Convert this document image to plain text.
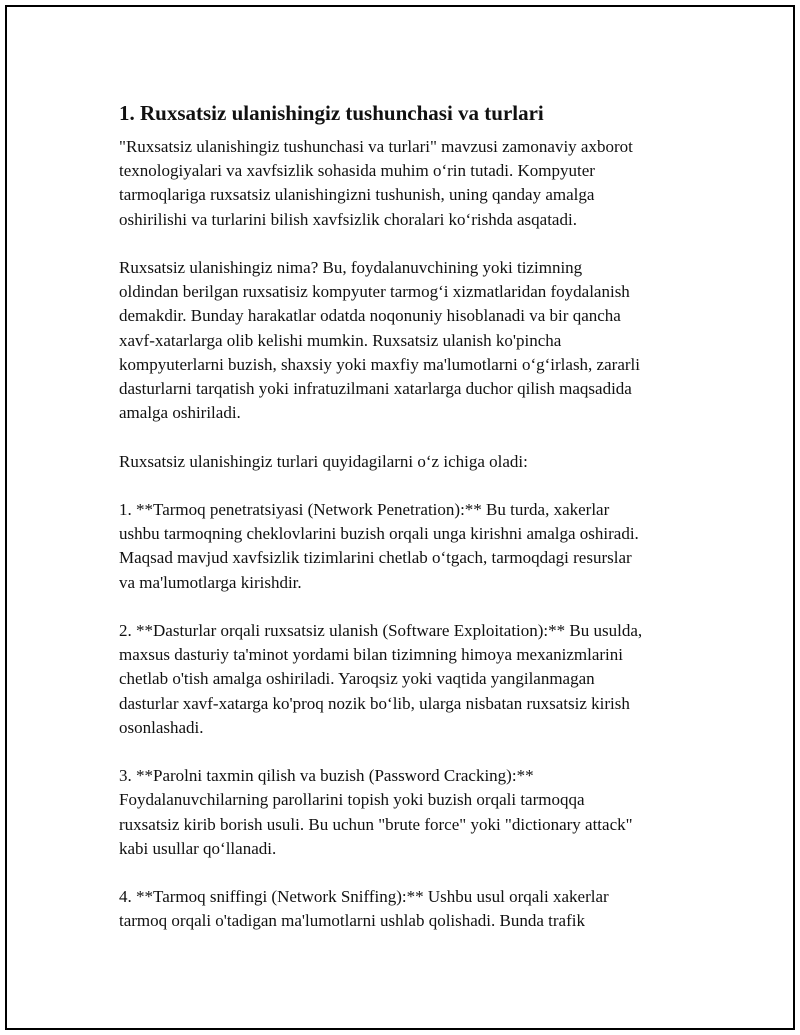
1. Ruxsatsiz ulanishingiz tushunchasi va turlari
"Ruxsatsiz ulanishingiz tushunchasi va turlari" mavzusi zamonaviy axborot
texnologiyalari va xavfsizlik sohasida muhim o‘rin tutadi. Kompyuter
tarmoqlariga ruxsatsiz ulanishingizni tushunish, uning qanday amalga
oshirilishi va turlarini bilish xavfsizlik choralari ko‘rishda asqatadi.
Ruxsatsiz ulanishingiz nima? Bu, foydalanuvchining yoki tizimning
oldindan berilgan ruxsatisiz kompyuter tarmog‘i xizmatlaridan foydalanish
demakdir. Bunday harakatlar odatda noqonuniy hisoblanadi va bir qancha
xavf-xatarlarga olib kelishi mumkin. Ruxsatsiz ulanish ko'pincha
kompyuterlarni buzish, shaxsiy yoki maxfiy ma'lumotlarni o‘g‘irlash, zararli
dasturlarni tarqatish yoki infratuzilmani xatarlarga duchor qilish maqsadida
amalga oshiriladi.
Ruxsatsiz ulanishingiz turlari quyidagilarni o‘z ichiga oladi:
1. **Tarmoq penetratsiyasi (Network Penetration):** Bu turda, xakerlar
ushbu tarmoqning cheklovlarini buzish orqali unga kirishni amalga oshiradi.
Maqsad mavjud xavfsizlik tizimlarini chetlab o‘tgach, tarmoqdagi resurslar
va ma'lumotlarga kirishdir.
2. **Dasturlar orqali ruxsatsiz ulanish (Software Exploitation):** Bu usulda,
maxsus dasturiy ta'minot yordami bilan tizimning himoya mexanizmlarini
chetlab o'tish amalga oshiriladi. Yaroqsiz yoki vaqtida yangilanmagan
dasturlar xavf-xatarga ko'proq nozik bo‘lib, ularga nisbatan ruxsatsiz kirish
osonlashadi.
3. **Parolni taxmin qilish va buzish (Password Cracking):**
Foydalanuvchilarning parollarini topish yoki buzish orqali tarmoqqa
ruxsatsiz kirib borish usuli. Bu uchun "brute force" yoki "dictionary attack"
kabi usullar qo‘llanadi.
4. **Tarmoq sniffingi (Network Sniffing):** Ushbu usul orqali xakerlar
tarmoq orqali o'tadigan ma'lumotlarni ushlab qolishadi. Bunda trafik
